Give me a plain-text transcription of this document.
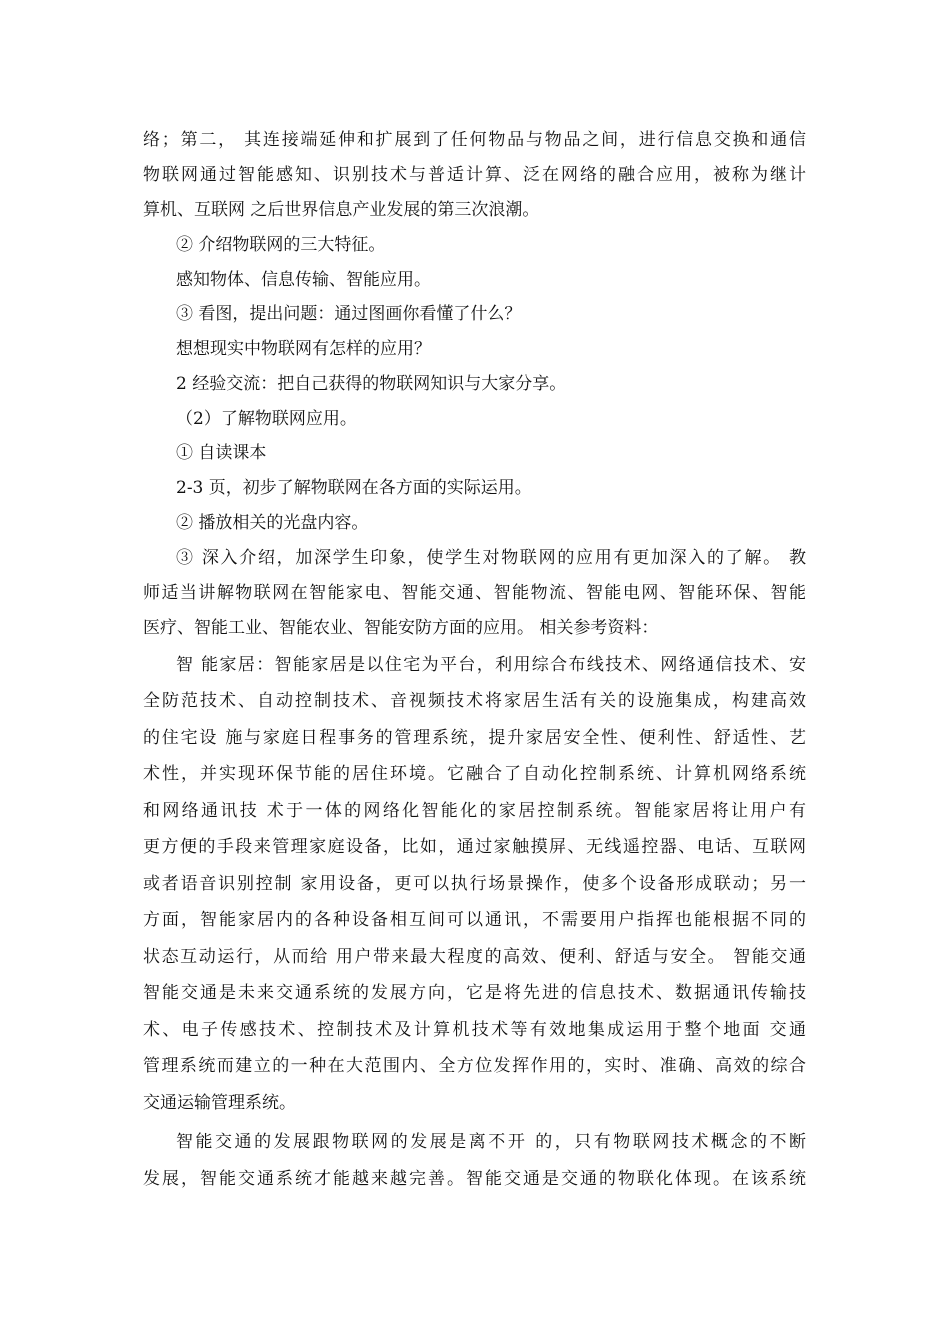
络；第二， 其连接端延伸和扩展到了任何物品与物品之间，进行信息交换和通信
物联网通过智能感知、识别技术与普适计算、泛在网络的融合应用，被称为继计
算机、互联网 之后世界信息产业发展的第三次浪潮。
② 介绍物联网的三大特征。
感知物体、信息传输、智能应用。
③ 看图，提出问题：通过图画你看懂了什么？
想想现实中物联网有怎样的应用？
2 经验交流：把自己获得的物联网知识与大家分享。
（2）了解物联网应用。
① 自读课本
2-3 页，初步了解物联网在各方面的实际运用。
② 播放相关的光盘内容。
③ 深入介绍，加深学生印象，使学生对物联网的应用有更加深入的了解。 教
师适当讲解物联网在智能家电、智能交通、智能物流、智能电网、智能环保、智能
医疗、智能工业、智能农业、智能安防方面的应用。 相关参考资料：
智 能家居：智能家居是以住宅为平台，利用综合布线技术、网络通信技术、安
全防范技术、自动控制技术、音视频技术将家居生活有关的设施集成，构建高效
的住宅设 施与家庭日程事务的管理系统，提升家居安全性、便利性、舒适性、艺
术性，并实现环保节能的居住环境。它融合了自动化控制系统、计算机网络系统
和网络通讯技 术于一体的网络化智能化的家居控制系统。智能家居将让用户有
更方便的手段来管理家庭设备，比如，通过家触摸屏、无线遥控器、电话、互联网
或者语音识别控制 家用设备，更可以执行场景操作，使多个设备形成联动；另一
方面，智能家居内的各种设备相互间可以通讯，不需要用户指挥也能根据不同的
状态互动运行，从而给 用户带来最大程度的高效、便利、舒适与安全。 智能交通
智能交通是未来交通系统的发展方向，它是将先进的信息技术、数据通讯传输技
术、电子传感技术、控制技术及计算机技术等有效地集成运用于整个地面 交通
管理系统而建立的一种在大范围内、全方位发挥作用的，实时、准确、高效的综合
交通运输管理系统。
智能交通的发展跟物联网的发展是离不开 的，只有物联网技术概念的不断
发展，智能交通系统才能越来越完善。智能交通是交通的物联化体现。在该系统
